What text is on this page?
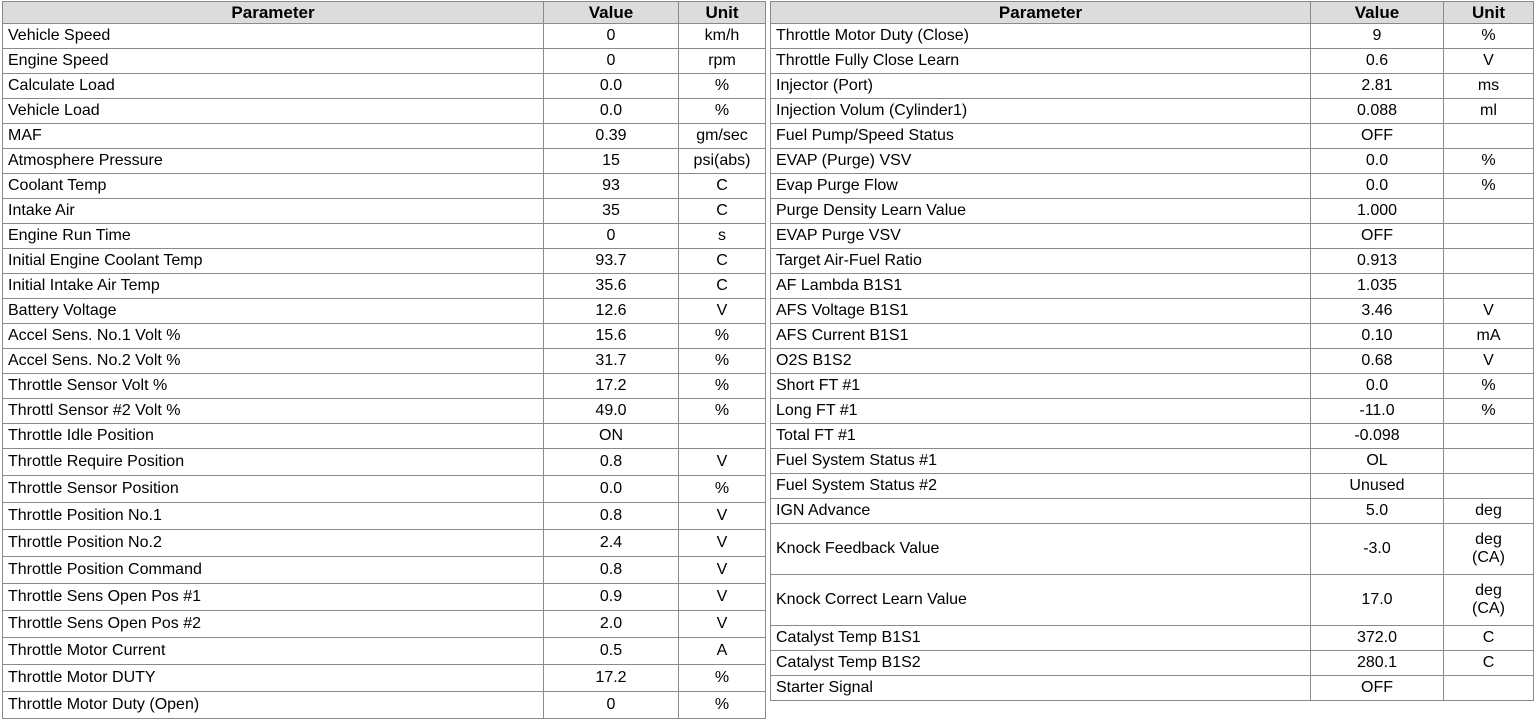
Parameter	Value	Unit
Vehicle Speed	0	km/h
Engine Speed	0	rpm
Calculate Load	0.0	%
Vehicle Load	0.0	%
MAF	0.39	gm/sec
Atmosphere Pressure	15	psi(abs)
Coolant Temp	93	C
Intake Air	35	C
Engine Run Time	0	s
Initial Engine Coolant Temp	93.7	C
Initial Intake Air Temp	35.6	C
Battery Voltage	12.6	V
Accel Sens. No.1 Volt %	15.6	%
Accel Sens. No.2 Volt %	31.7	%
Throttle Sensor Volt %	17.2	%
Throttl Sensor #2 Volt %	49.0	%
Throttle Idle Position	ON	
Throttle Require Position	0.8	V
Throttle Sensor Position	0.0	%
Throttle Position No.1	0.8	V
Throttle Position No.2	2.4	V
Throttle Position Command	0.8	V
Throttle Sens Open Pos #1	0.9	V
Throttle Sens Open Pos #2	2.0	V
Throttle Motor Current	0.5	A
Throttle Motor DUTY	17.2	%
Throttle Motor Duty (Open)	0	%
Parameter	Value	Unit
Throttle Motor Duty (Close)	9	%
Throttle Fully Close Learn	0.6	V
Injector (Port)	2.81	ms
Injection Volum (Cylinder1)	0.088	ml
Fuel Pump/Speed Status	OFF	
EVAP (Purge) VSV	0.0	%
Evap Purge Flow	0.0	%
Purge Density Learn Value	1.000	
EVAP Purge VSV	OFF	
Target Air-Fuel Ratio	0.913	
AF Lambda B1S1	1.035	
AFS Voltage B1S1	3.46	V
AFS Current B1S1	0.10	mA
O2S B1S2	0.68	V
Short FT #1	0.0	%
Long FT #1	-11.0	%
Total FT #1	-0.098	
Fuel System Status #1	OL	
Fuel System Status #2	Unused	
IGN Advance	5.0	deg
Knock Feedback Value	-3.0	deg
(CA)
Knock Correct Learn Value	17.0	deg
(CA)
Catalyst Temp B1S1	372.0	C
Catalyst Temp B1S2	280.1	C
Starter Signal	OFF	
